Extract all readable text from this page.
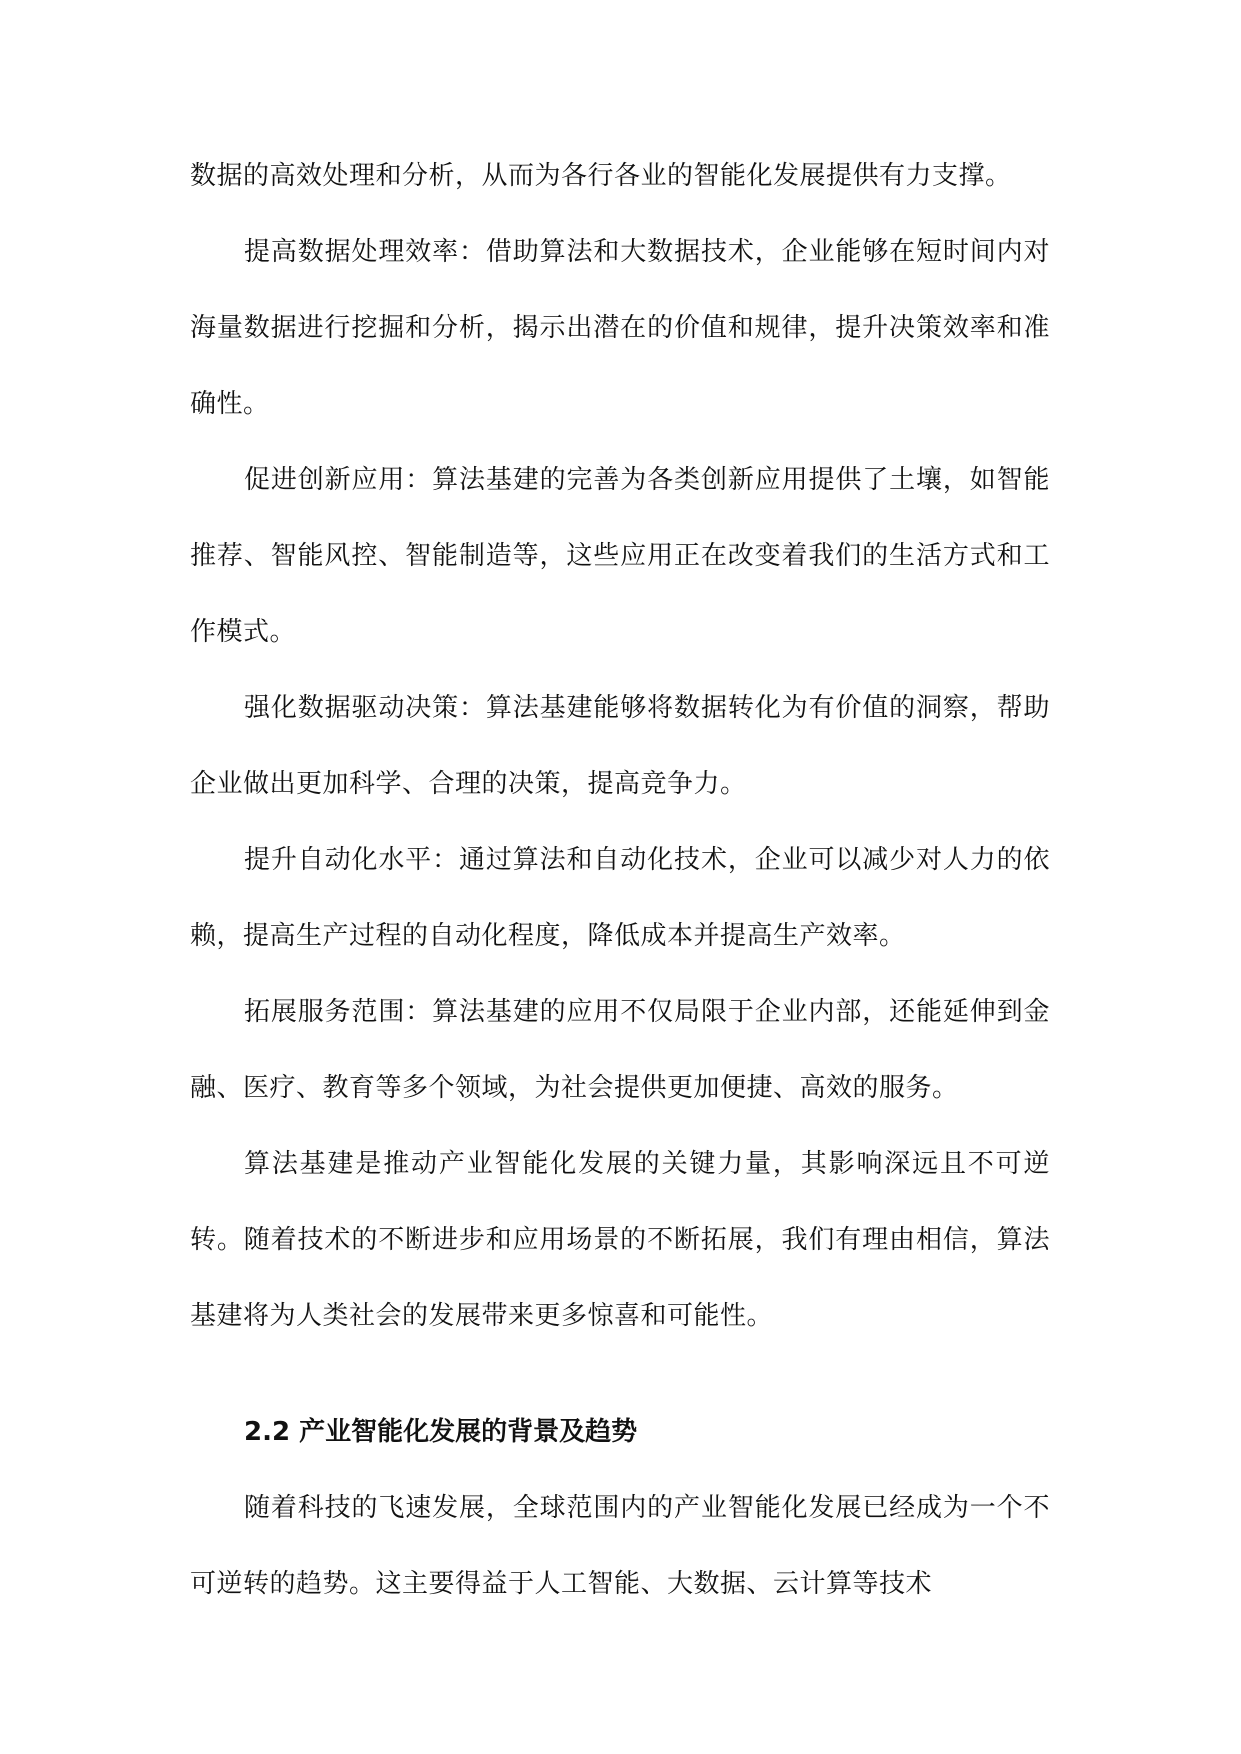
数据的高效处理和分析，从而为各行各业的智能化发展提供有力支撑。

提高数据处理效率：借助算法和大数据技术，企业能够在短时间内对海量数据进行挖掘和分析，揭示出潜在的价值和规律，提升决策效率和准确性。

促进创新应用：算法基建的完善为各类创新应用提供了土壤，如智能推荐、智能风控、智能制造等，这些应用正在改变着我们的生活方式和工作模式。

强化数据驱动决策：算法基建能够将数据转化为有价值的洞察，帮助企业做出更加科学、合理的决策，提高竞争力。

提升自动化水平：通过算法和自动化技术，企业可以减少对人力的依赖，提高生产过程的自动化程度，降低成本并提高生产效率。

拓展服务范围：算法基建的应用不仅局限于企业内部，还能延伸到金融、医疗、教育等多个领域，为社会提供更加便捷、高效的服务。

算法基建是推动产业智能化发展的关键力量，其影响深远且不可逆转。随着技术的不断进步和应用场景的不断拓展，我们有理由相信，算法基建将为人类社会的发展带来更多惊喜和可能性。

2.2 产业智能化发展的背景及趋势

随着科技的飞速发展，全球范围内的产业智能化发展已经成为一个不可逆转的趋势。这主要得益于人工智能、大数据、云计算等技术
